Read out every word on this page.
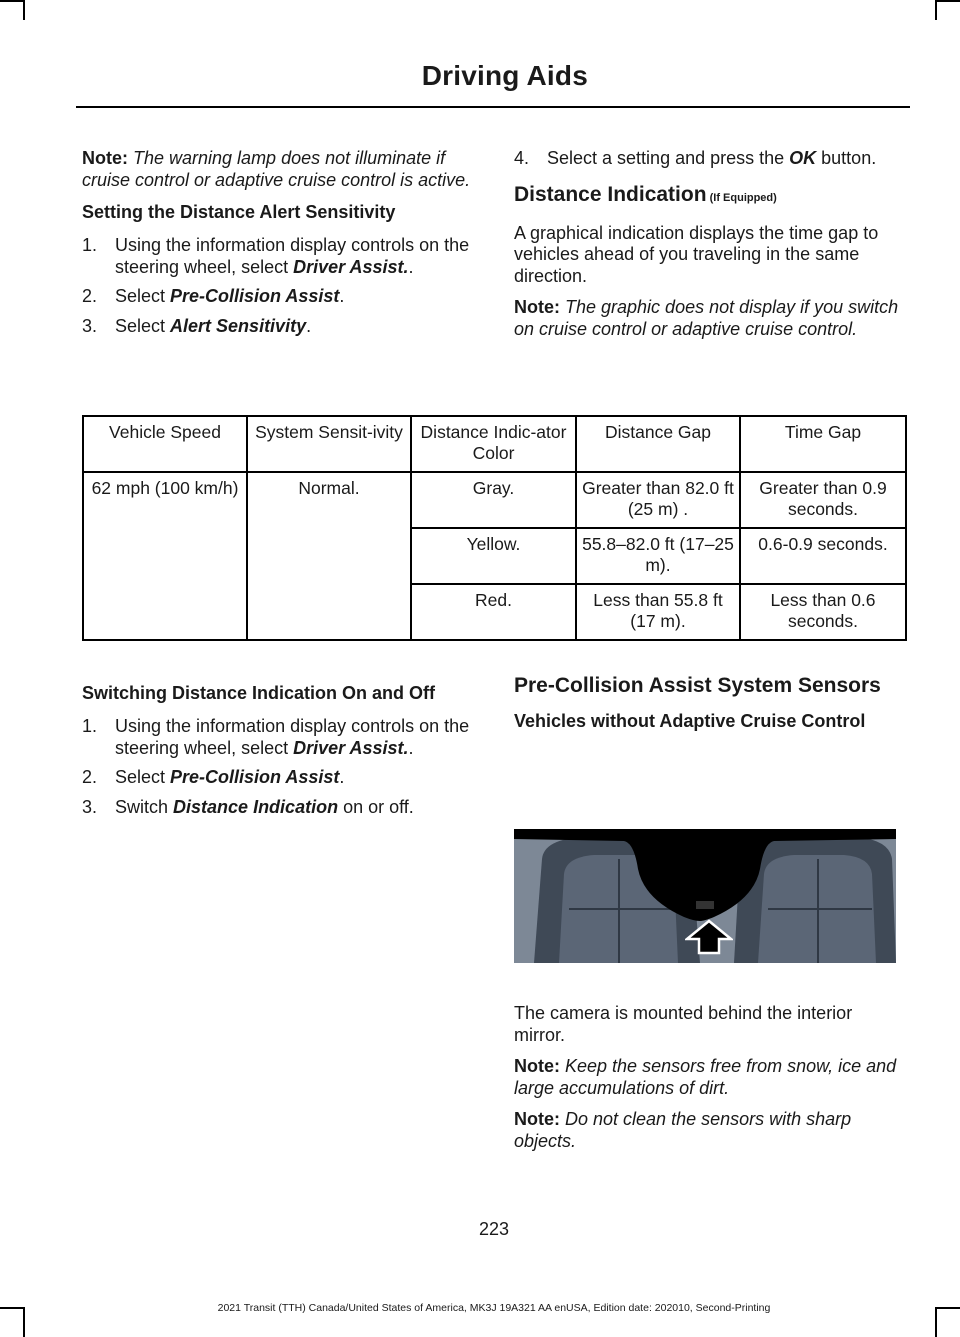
Driving Aids

Note: The warning lamp does not illuminate if cruise control or adaptive cruise control is active.

Setting the Distance Alert Sensitivity
1. Using the information display controls on the steering wheel, select Driver Assist..
2. Select Pre-Collision Assist.
3. Select Alert Sensitivity.
4. Select a setting and press the OK button.
Distance Indication (If Equipped)

A graphical indication displays the time gap to vehicles ahead of you traveling in the same direction.

Note: The graphic does not display if you switch on cruise control or adaptive cruise control.

Vehicle Speed	System Sensit-ivity	Distance Indic-ator Color	Distance Gap	Time Gap
62 mph (100 km/h)	Normal.	Gray.	Greater than 82.0 ft (25 m) .	Greater than 0.9 seconds.
		Yellow.	55.8–82.0 ft (17–25 m).	0.6-0.9 seconds.
		Red.	Less than 55.8 ft (17 m).	Less than 0.6 seconds.
Switching Distance Indication On and Off
1. Using the information display controls on the steering wheel, select Driver Assist..
2. Select Pre-Collision Assist.
3. Switch Distance Indication on or off.
Pre-Collision Assist System Sensors
Vehicles without Adaptive Cruise Control

The camera is mounted behind the interior mirror.

Note: Keep the sensors free from snow, ice and large accumulations of dirt.

Note: Do not clean the sensors with sharp objects.

223
2021 Transit (TTH) Canada/United States of America, MK3J 19A321 AA enUSA, Edition date: 202010, Second-Printing
